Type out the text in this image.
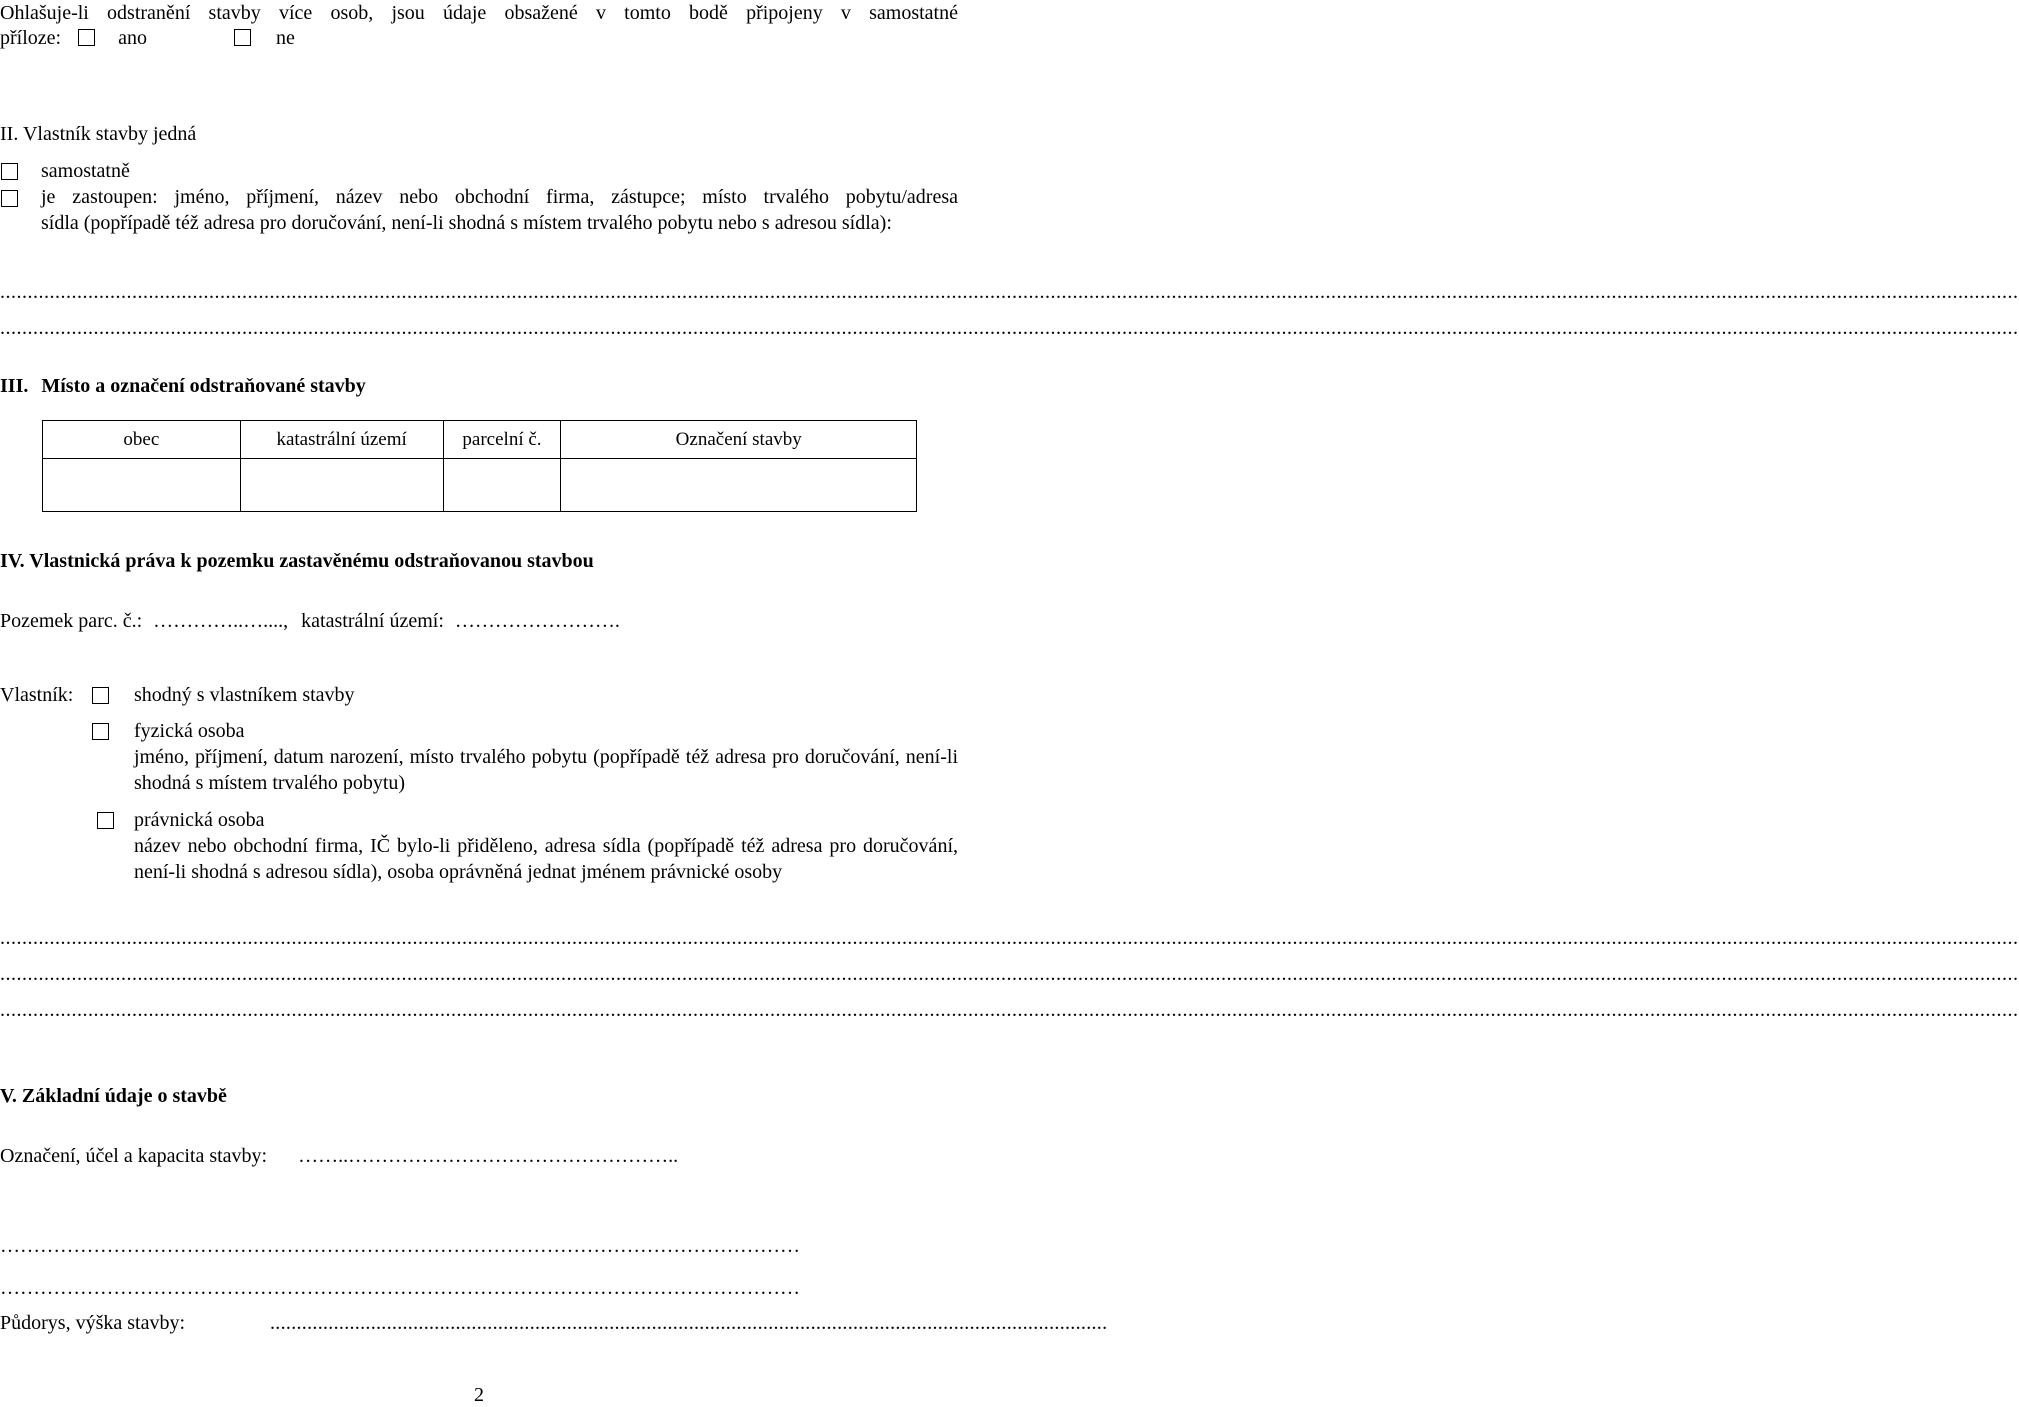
Ohlašuje-li odstranění stavby více osob, jsou údaje obsažené v tomto bodě připojeny v samostatné
příloze:	ano	ne
II. Vlastník stavby jedná
samostatně
je zastoupen: jméno, příjmení, název nebo obchodní firma, zástupce; místo trvalého pobytu/adresa
sídla (popřípadě též adresa pro doručování, není-li shodná s místem trvalého pobytu nebo s adresou sídla):
...............................................................................................................................................................................................................................................................................................................................................................................
...............................................................................................................................................................................................................................................................................................................................................................................
III. Místo a označení odstraňované stavby
obec	katastrální území	parcelní č.	Označení stavby

IV. Vlastnická práva k pozemku zastavěnému odstraňovanou stavbou
Pozemek parc. č.: …………..…...., katastrální území: …………………….
Vlastník:	shodný s vlastníkem stavby
fyzická osoba
jméno, příjmení, datum narození, místo trvalého pobytu (popřípadě též adresa pro doručování, není-li shodná s místem trvalého pobytu)
právnická osoba
název nebo obchodní firma, IČ bylo-li přiděleno, adresa sídla (popřípadě též adresa pro doručování, není-li shodná s adresou sídla), osoba oprávněná jednat jménem právnické osoby
...............................................................................................................................................................................................................................................................................................................................................................................
...............................................................................................................................................................................................................................................................................................................................................................................
...............................................................................................................................................................................................................................................................................................................................................................................
V. Základní údaje o stavbě
Označení, účel a kapacita stavby: ……..…………………………………………..
…………………………………………………………………………………………………………
…………………………………………………………………………………………………………
Půdorys, výška stavby:	..............................................................................................................................................................
2
